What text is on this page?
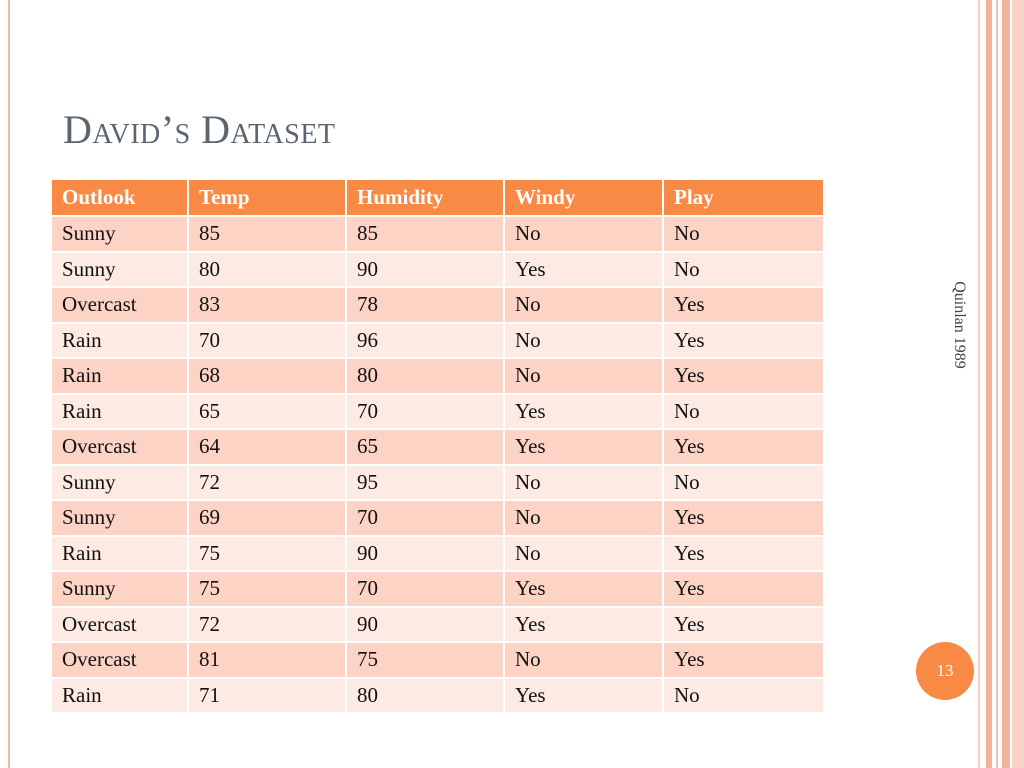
David’s Dataset
Outlook	Temp	Humidity	Windy	Play
Sunny	85	85	No	No
Sunny	80	90	Yes	No
Overcast	83	78	No	Yes
Rain	70	96	No	Yes
Rain	68	80	No	Yes
Rain	65	70	Yes	No
Overcast	64	65	Yes	Yes
Sunny	72	95	No	No
Sunny	69	70	No	Yes
Rain	75	90	No	Yes
Sunny	75	70	Yes	Yes
Overcast	72	90	Yes	Yes
Overcast	81	75	No	Yes
Rain	71	80	Yes	No
Quinlan 1989
13
